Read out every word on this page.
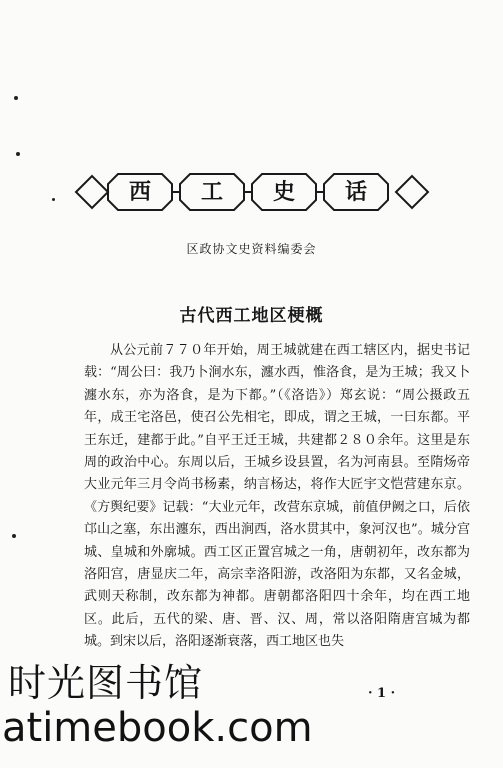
西	工	史	话
区政协文史资料编委会
古代西工地区梗概

从公元前７７０年开始，周王城就建在西工辖区内，据史书记载：“周公曰：我乃卜涧水东，瀍水西，惟洛食，是为王城；我又卜瀍水东，亦为洛食，是为下都。”（《洛诰》）郑玄说：“周公摄政五年，成王宅洛邑，使召公先相宅，即成，谓之王城，一曰东都。平王东迁，建都于此。”自平王迁王城，共建都２８０余年。这里是东周的政治中心。东周以后，王城乡设县置，名为河南县。至隋炀帝大业元年三月令尚书杨素，纳言杨达，将作大匠宇文恺营建东京。《方舆纪要》记载：“大业元年，改营东京城，前值伊阙之口，后依邙山之塞，东出瀍东，西出涧西，洛水贯其中，象河汉也”。城分宫城、皇城和外廓城。西工区正置宫城之一角，唐朝初年，改东都为洛阳宫，唐显庆二年，高宗幸洛阳游，改洛阳为东都，又名金城，武则天称制，改东都为神都。唐朝都洛阳四十余年，均在西工地区。此后，五代的梁、唐、晋、汉、周，常以洛阳隋唐宫城为都城。到宋以后，洛阳逐渐衰落，西工地区也失

· 1 ·
时光图书馆
atimebook.com
